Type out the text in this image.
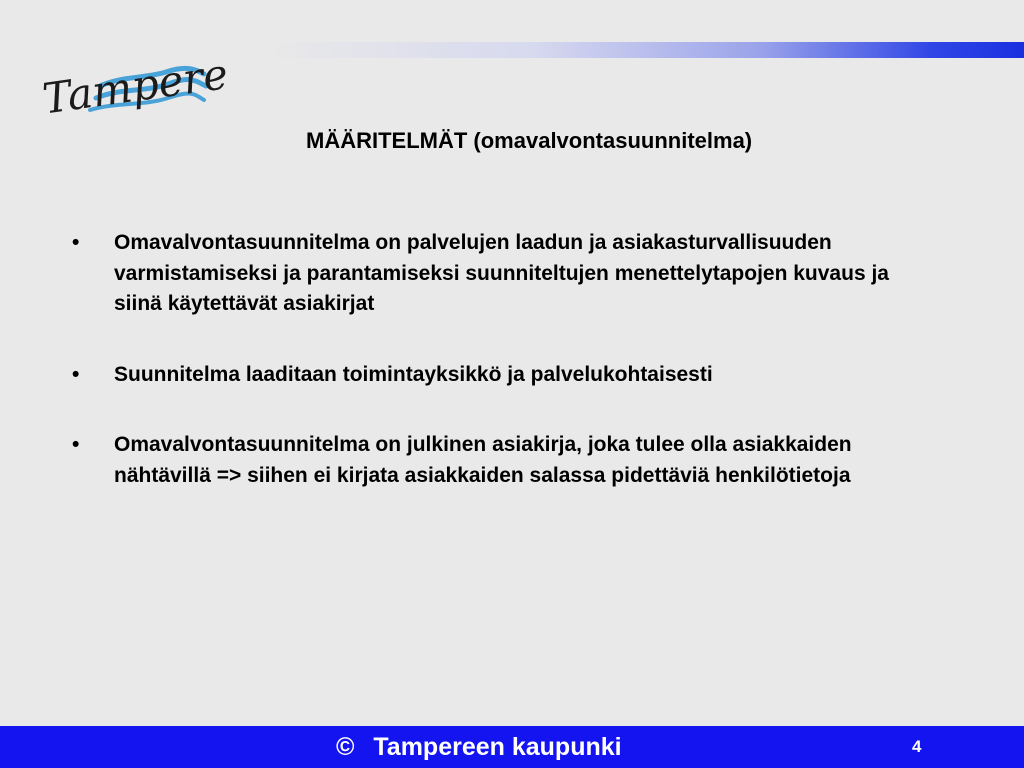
Tampere
MÄÄRITELMÄT (omavalvontasuunnitelma)
•	Omavalvontasuunnitelma on palvelujen laadun ja asiakasturvallisuuden varmistamiseksi ja parantamiseksi suunniteltujen menettelytapojen kuvaus ja siinä käytettävät asiakirjat
•	Suunnitelma laaditaan toimintayksikkö ja palvelukohtaisesti
•	Omavalvontasuunnitelma on julkinen asiakirja, joka tulee olla asiakkaiden nähtävillä => siihen ei kirjata asiakkaiden salassa pidettäviä henkilötietoja
© Tampereen kaupunki	4
